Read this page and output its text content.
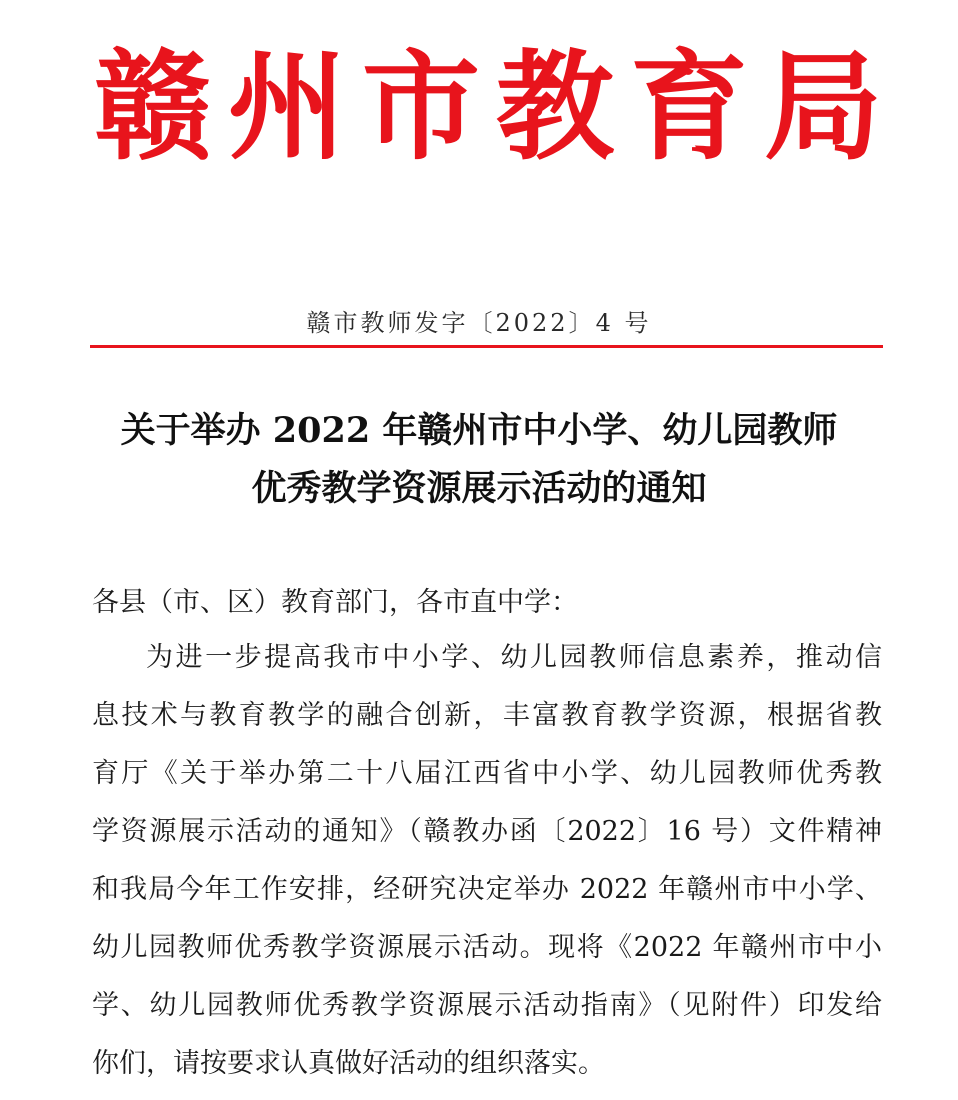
赣 州 市 教 育 局
赣市教师发字〔2022〕4 号
关于举办 2022 年赣州市中小学、幼儿园教师
优秀教学资源展示活动的通知
各县（市、区）教育部门，各市直中学：
为进一步提高我市中小学、幼儿园教师信息素养，推动信
息技术与教育教学的融合创新，丰富教育教学资源，根据省教
育厅《关于举办第二十八届江西省中小学、幼儿园教师优秀教
学资源展示活动的通知》（赣教办函〔2022〕16 号）文件精神
和我局今年工作安排，经研究决定举办 2022 年赣州市中小学、
幼儿园教师优秀教学资源展示活动。现将《2022 年赣州市中小
学、幼儿园教师优秀教学资源展示活动指南》（见附件）印发给
你们，请按要求认真做好活动的组织落实。
